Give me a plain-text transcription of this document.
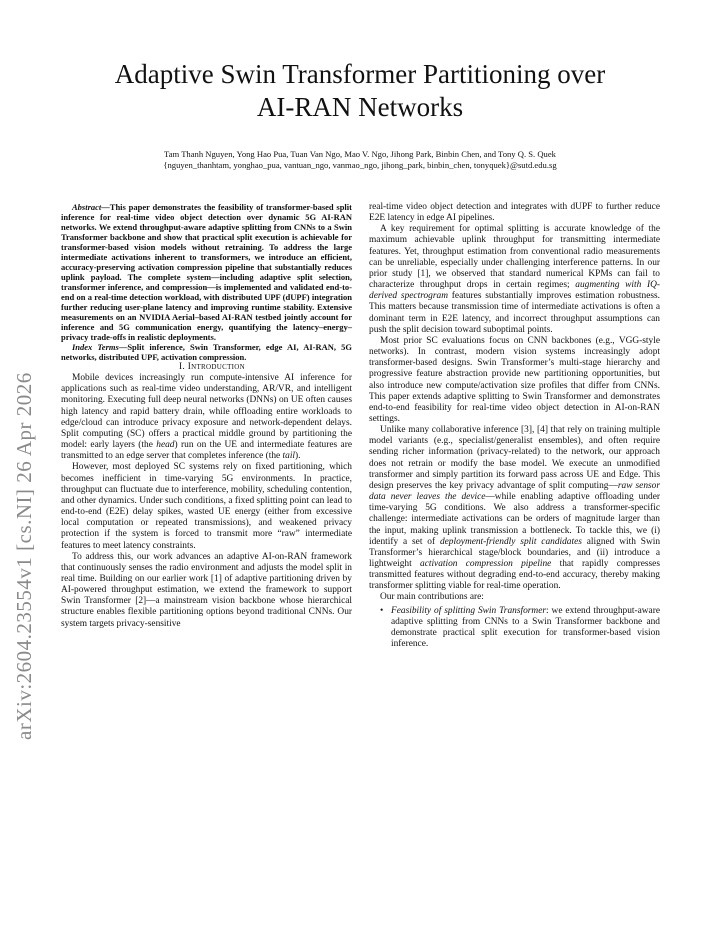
arXiv:2604.23554v1 [cs.NI] 26 Apr 2026
Adaptive Swin Transformer Partitioning over
AI-RAN Networks
Tam Thanh Nguyen, Yong Hao Pua, Tuan Van Ngo, Mao V. Ngo, Jihong Park, Binbin Chen, and Tony Q. S. Quek
{nguyen_thanhtam, yonghao_pua, vantuan_ngo, vanmao_ngo, jihong_park, binbin_chen, tonyquek}@sutd.edu.sg

Abstract—This paper demonstrates the feasibility of transformer-based split inference for real-time video object detection over dynamic 5G AI-RAN networks. We extend throughput-aware adaptive splitting from CNNs to a Swin Transformer backbone and show that practical split execution is achievable for transformer-based vision models without retraining. To address the large intermediate activations inherent to transformers, we introduce an efficient, accuracy-preserving activation compression pipeline that substantially reduces uplink payload. The complete system—including adaptive split selection, transformer inference, and compression—is implemented and validated end-to-end on a real-time detection workload, with distributed UPF (dUPF) integration further reducing user-plane latency and improving runtime stability. Extensive measurements on an NVIDIA Aerial–based AI-RAN testbed jointly account for inference and 5G communication energy, quantifying the latency–energy–privacy trade-offs in realistic deployments.

Index Terms—Split inference, Swin Transformer, edge AI, AI-RAN, 5G networks, distributed UPF, activation compression.

I. Introduction

Mobile devices increasingly run compute-intensive AI inference for applications such as real-time video understanding, AR/VR, and intelligent monitoring. Executing full deep neural networks (DNNs) on UE often causes high latency and rapid battery drain, while offloading entire workloads to edge/cloud can introduce privacy exposure and network-dependent delays. Split computing (SC) offers a practical middle ground by partitioning the model: early layers (the head) run on the UE and intermediate features are transmitted to an edge server that completes inference (the tail).

However, most deployed SC systems rely on fixed partitioning, which becomes inefficient in time-varying 5G environments. In practice, throughput can fluctuate due to interference, mobility, scheduling contention, and other dynamics. Under such conditions, a fixed splitting point can lead to end-to-end (E2E) delay spikes, wasted UE energy (either from excessive local computation or repeated transmissions), and weakened privacy protection if the system is forced to transmit more “raw” intermediate features to meet latency constraints.

To address this, our work advances an adaptive AI-on-RAN framework that continuously senses the radio environment and adjusts the model split in real time. Building on our earlier work [1] of adaptive partitioning driven by AI-powered throughput estimation, we extend the framework to support Swin Transformer [2]—a mainstream vision backbone whose hierarchical structure enables flexible partitioning options beyond traditional CNNs. Our system targets privacy-sensitive

real-time video object detection and integrates with dUPF to further reduce E2E latency in edge AI pipelines.

A key requirement for optimal splitting is accurate knowledge of the maximum achievable uplink throughput for transmitting intermediate features. Yet, throughput estimation from conventional radio measurements can be unreliable, especially under challenging interference patterns. In our prior study [1], we observed that standard numerical KPMs can fail to characterize throughput drops in certain regimes; augmenting with IQ-derived spectrogram features substantially improves estimation robustness. This matters because transmission time of intermediate activations is often a dominant term in E2E latency, and incorrect throughput assumptions can push the split decision toward suboptimal points.

Most prior SC evaluations focus on CNN backbones (e.g., VGG-style networks). In contrast, modern vision systems increasingly adopt transformer-based designs. Swin Transformer’s multi-stage hierarchy and progressive feature abstraction provide new partitioning opportunities, but also introduce new compute/activation size profiles that differ from CNNs. This paper extends adaptive splitting to Swin Transformer and demonstrates end-to-end feasibility for real-time video object detection in AI-on-RAN settings.

Unlike many collaborative inference [3], [4] that rely on training multiple model variants (e.g., specialist/generalist ensembles), and often require sending richer information (privacy-related) to the network, our approach does not retrain or modify the base model. We execute an unmodified transformer and simply partition its forward pass across UE and Edge. This design preserves the key privacy advantage of split computing—raw sensor data never leaves the device—while enabling adaptive offloading under time-varying 5G conditions. We also address a transformer-specific challenge: intermediate activations can be orders of magnitude larger than the input, making uplink transmission a bottleneck. To tackle this, we (i) identify a set of deployment-friendly split candidates aligned with Swin Transformer’s hierarchical stage/block boundaries, and (ii) introduce a lightweight activation compression pipeline that rapidly compresses transmitted features without degrading end-to-end accuracy, thereby making transformer splitting viable for real-time operation.

Our main contributions are:

• Feasibility of splitting Swin Transformer: we extend throughput-aware adaptive splitting from CNNs to a Swin Transformer backbone and demonstrate practical split execution for transformer-based vision inference.
